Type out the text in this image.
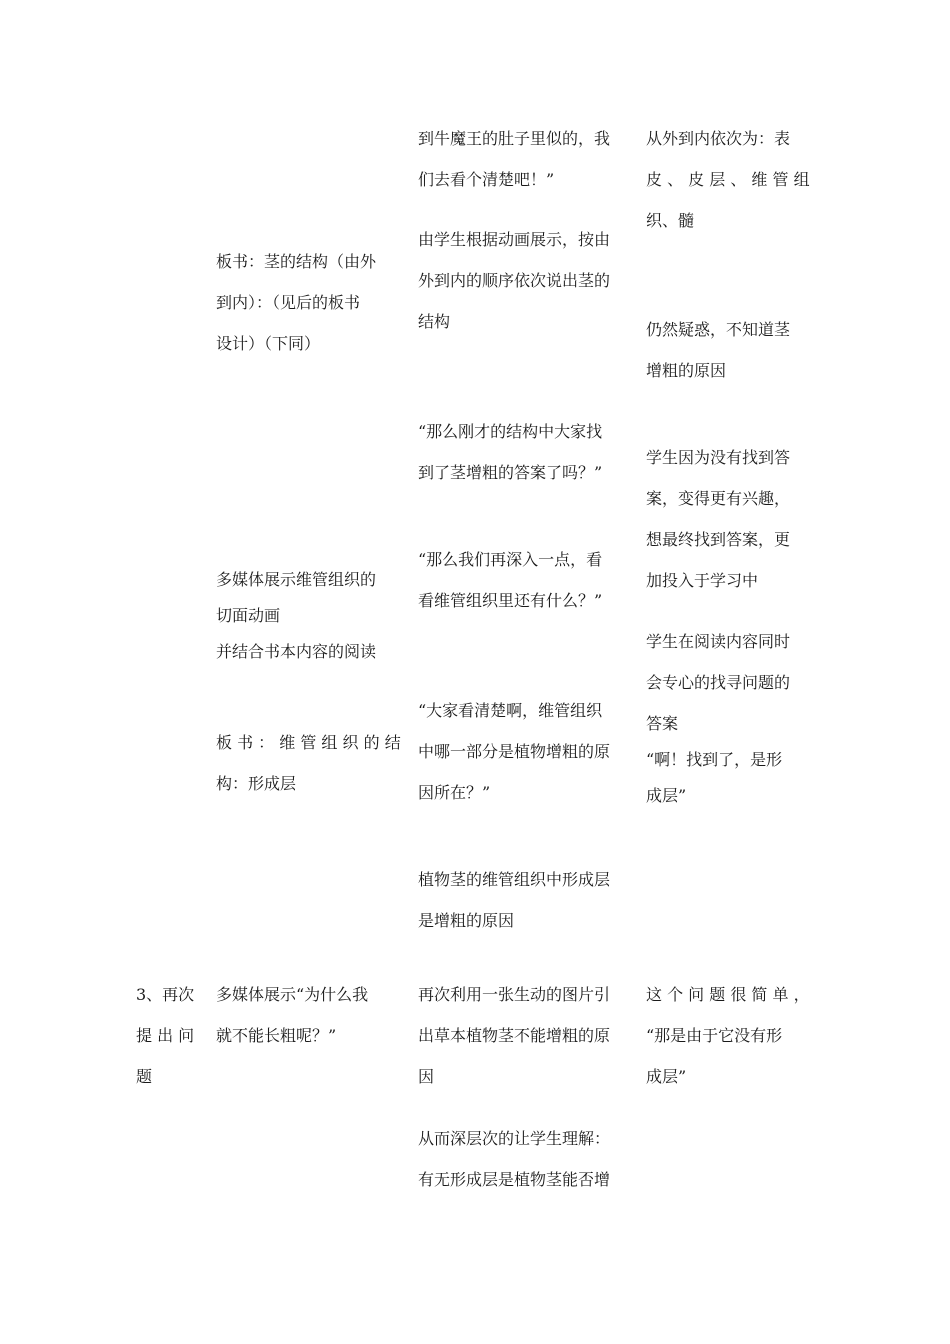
3、再次
提 出 问
题
板书：茎的结构（由外
到内）：（见后的板书
设计）（下同）
多媒体展示维管组织的
切面动画
并结合书本内容的阅读
板 书 ： 维 管 组 织 的 结
构：形成层
多媒体展示“为什么我
就不能长粗呢？”
到牛魔王的肚子里似的，我
们去看个清楚吧！”
由学生根据动画展示，按由
外到内的顺序依次说出茎的
结构
“那么刚才的结构中大家找
到了茎增粗的答案了吗？”
“那么我们再深入一点，看
看维管组织里还有什么？”
“大家看清楚啊，维管组织
中哪一部分是植物增粗的原
因所在？”
植物茎的维管组织中形成层
是增粗的原因
再次利用一张生动的图片引
出草本植物茎不能增粗的原
因
从而深层次的让学生理解：
有无形成层是植物茎能否增
从外到内依次为：表
皮 、 皮 层 、 维 管 组
织、髓
仍然疑惑，不知道茎
增粗的原因
学生因为没有找到答
案，变得更有兴趣，
想最终找到答案，更
加投入于学习中
学生在阅读内容同时
会专心的找寻问题的
答案
“啊！找到了，是形
成层”
这 个 问 题 很 简 单 ，
“那是由于它没有形
成层”
